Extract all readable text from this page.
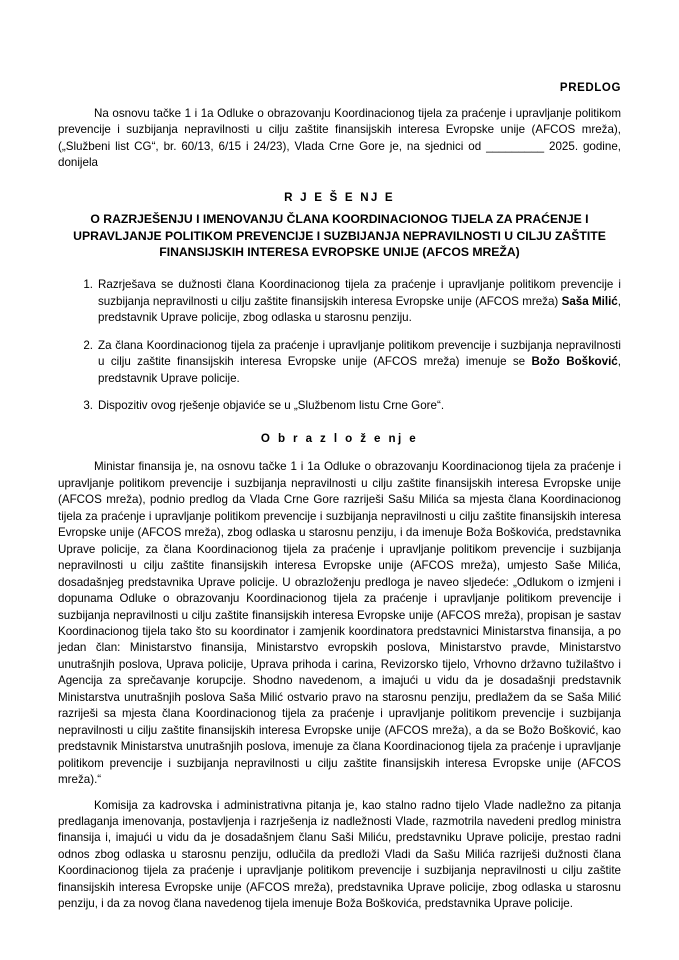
PREDLOG

Na osnovu tačke 1 i 1a Odluke o obrazovanju Koordinacionog tijela za praćenje i upravljanje politikom prevencije i suzbijanja nepravilnosti u cilju zaštite finansijskih interesa Evropske unije (AFCOS mreža), („Službeni list CG“, br. 60/13, 6/15 i 24/23), Vlada Crne Gore je, na sjednici od _________ 2025. godine, donijela

R J E Š E NJ E
O RAZRJEŠENJU I IMENOVANJU ČLANA KOORDINACIONOG TIJELA ZA PRAĆENJE I UPRAVLJANJE POLITIKOM PREVENCIJE I SUZBIJANJA NEPRAVILNOSTI U CILJU ZAŠTITE FINANSIJSKIH INTERESA EVROPSKE UNIJE (AFCOS MREŽA)
Razrješava se dužnosti člana Koordinacionog tijela za praćenje i upravljanje politikom prevencije i suzbijanja nepravilnosti u cilju zaštite finansijskih interesa Evropske unije (AFCOS mreža) Saša Milić, predstavnik Uprave policije, zbog odlaska u starosnu penziju.
Za člana Koordinacionog tijela za praćenje i upravljanje politikom prevencije i suzbijanja nepravilnosti u cilju zaštite finansijskih interesa Evropske unije (AFCOS mreža) imenuje se Božo Bošković, predstavnik Uprave policije.
Dispozitiv ovog rješenje objaviće se u „Službenom listu Crne Gore“.
O b r a z l o ž e nj e

Ministar finansija je, na osnovu tačke 1 i 1a Odluke o obrazovanju Koordinacionog tijela za praćenje i upravljanje politikom prevencije i suzbijanja nepravilnosti u cilju zaštite finansijskih interesa Evropske unije (AFCOS mreža), podnio predlog da Vlada Crne Gore razriješi Sašu Milića sa mjesta člana Koordinacionog tijela za praćenje i upravljanje politikom prevencije i suzbijanja nepravilnosti u cilju zaštite finansijskih interesa Evropske unije (AFCOS mreža), zbog odlaska u starosnu penziju, i da imenuje Boža Boškovića, predstavnika Uprave policije, za člana Koordinacionog tijela za praćenje i upravljanje politikom prevencije i suzbijanja nepravilnosti u cilju zaštite finansijskih interesa Evropske unije (AFCOS mreža), umjesto Saše Milića, dosadašnjeg predstavnika Uprave policije. U obrazloženju predloga je naveo sljedeće: „Odlukom o izmjeni i dopunama Odluke o obrazovanju Koordinacionog tijela za praćenje i upravljanje politikom prevencije i suzbijanja nepravilnosti u cilju zaštite finansijskih interesa Evropske unije (AFCOS mreža), propisan je sastav Koordinacionog tijela tako što su koordinator i zamjenik koordinatora predstavnici Ministarstva finansija, a po jedan član: Ministarstvo finansija, Ministarstvo evropskih poslova, Ministarstvo pravde, Ministarstvo unutrašnjih poslova, Uprava policije, Uprava prihoda i carina, Revizorsko tijelo, Vrhovno državno tužilaštvo i Agencija za sprečavanje korupcije. Shodno navedenom, a imajući u vidu da je dosadašnji predstavnik Ministarstva unutrašnjih poslova Saša Milić ostvario pravo na starosnu penziju, predlažem da se Saša Milić razriješi sa mjesta člana Koordinacionog tijela za praćenje i upravljanje politikom prevencije i suzbijanja nepravilnosti u cilju zaštite finansijskih interesa Evropske unije (AFCOS mreža), a da se Božo Bošković, kao predstavnik Ministarstva unutrašnjih poslova, imenuje za člana Koordinacionog tijela za praćenje i upravljanje politikom prevencije i suzbijanja nepravilnosti u cilju zaštite finansijskih interesa Evropske unije (AFCOS mreža).“

Komisija za kadrovska i administrativna pitanja je, kao stalno radno tijelo Vlade nadležno za pitanja predlaganja imenovanja, postavljenja i razrješenja iz nadležnosti Vlade, razmotrila navedeni predlog ministra finansija i, imajući u vidu da je dosadašnjem članu Saši Miliću, predstavniku Uprave policije, prestao radni odnos zbog odlaska u starosnu penziju, odlučila da predloži Vladi da Sašu Milića razriješi dužnosti člana Koordinacionog tijela za praćenje i upravljanje politikom prevencije i suzbijanja nepravilnosti u cilju zaštite finansijskih interesa Evropske unije (AFCOS mreža), predstavnika Uprave policije, zbog odlaska u starosnu penziju, i da za novog člana navedenog tijela imenuje Boža Boškovića, predstavnika Uprave policije.
